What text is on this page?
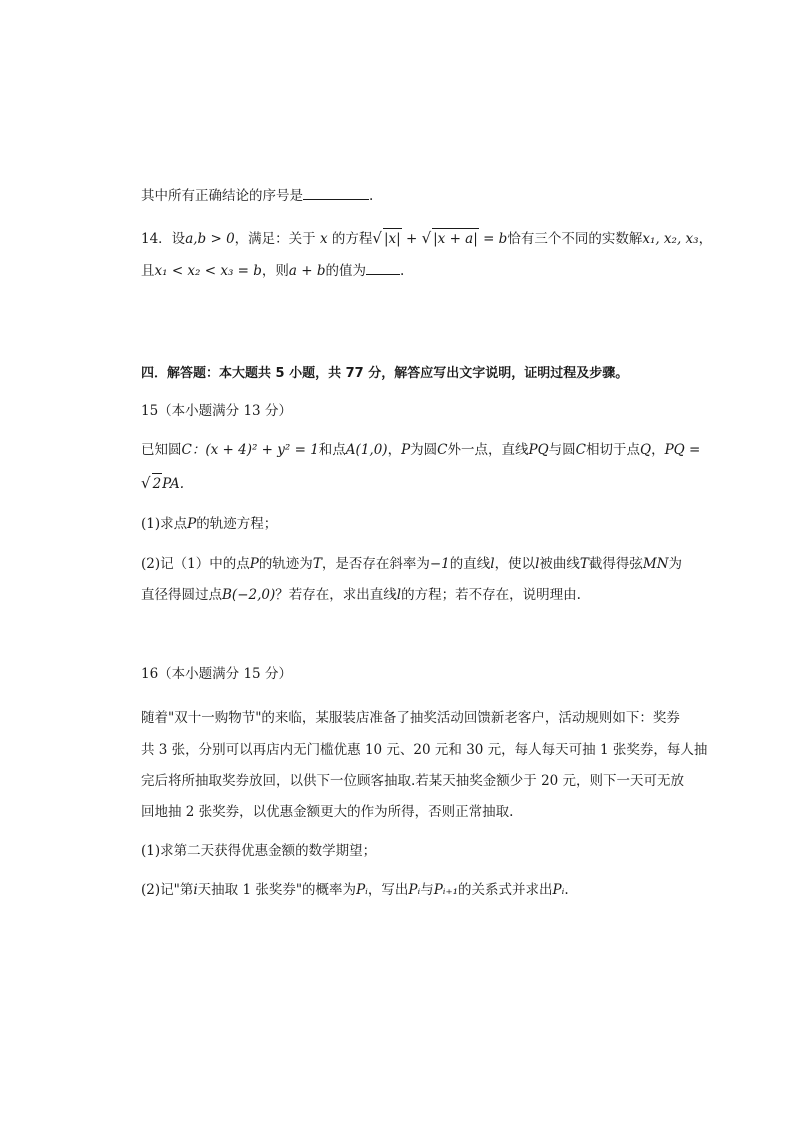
其中所有正确结论的序号是	.
14．设a,b > 0，满足：关于 x 的方程√ |x| + √ |x + a| = b恰有三个不同的实数解x₁, x₂, x₃，
且x₁ < x₂ < x₃ = b，则a + b的值为	.
四．解答题：本大题共 5 小题，共 77 分，解答应写出文字说明，证明过程及步骤。
15（本小题满分 13 分）
已知圆C：(x + 4)² + y² = 1和点A(1,0)，P为圆C外一点，直线PQ与圆C相切于点Q，PQ =
√ 2PA.
(1)求点P的轨迹方程；
(2)记（1）中的点P的轨迹为T，是否存在斜率为−1的直线l，使以l被曲线T截得得弦MN为
直径得圆过点B(−2,0)？若存在，求出直线l的方程；若不存在，说明理由.
16（本小题满分 15 分）
随着"双十一购物节"的来临，某服装店准备了抽奖活动回馈新老客户，活动规则如下：奖券
共 3 张，分别可以再店内无门槛优惠 10 元、20 元和 30 元，每人每天可抽 1 张奖券，每人抽
完后将所抽取奖券放回，以供下一位顾客抽取.若某天抽奖金额少于 20 元，则下一天可无放
回地抽 2 张奖券，以优惠金额更大的作为所得，否则正常抽取.
(1)求第二天获得优惠金额的数学期望；
(2)记"第i天抽取 1 张奖券"的概率为Pᵢ，写出Pᵢ与Pᵢ₊₁的关系式并求出Pᵢ.
